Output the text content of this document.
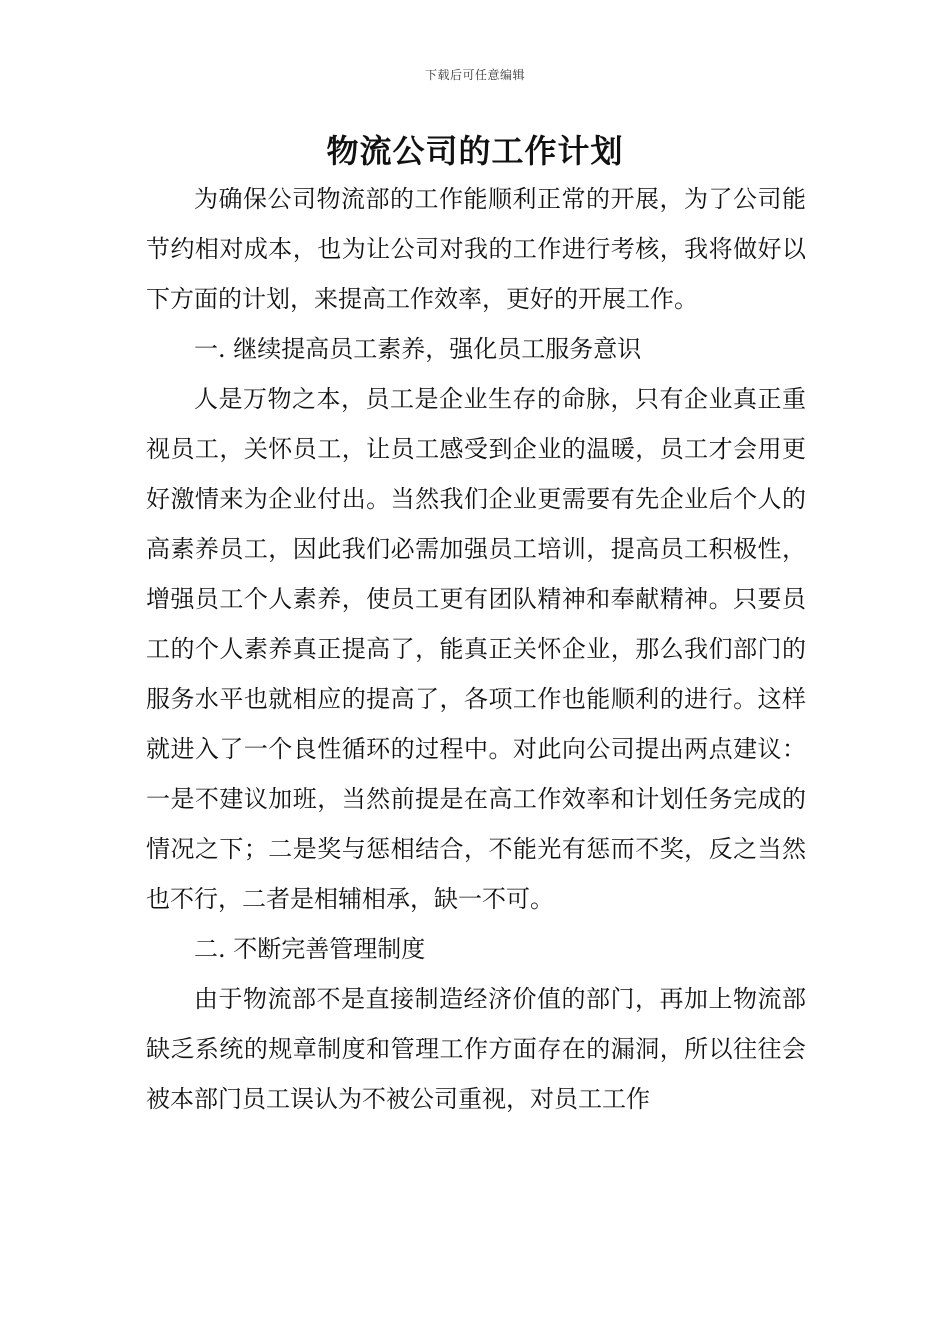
下载后可任意编辑
物流公司的工作计划

为确保公司物流部的工作能顺利正常的开展，为了公司能节约相对成本，也为让公司对我的工作进行考核，我将做好以下方面的计划，来提高工作效率，更好的开展工作。

一. 继续提高员工素养，强化员工服务意识

人是万物之本，员工是企业生存的命脉，只有企业真正重视员工，关怀员工，让员工感受到企业的温暖，员工才会用更好激情来为企业付出。当然我们企业更需要有先企业后个人的高素养员工，因此我们必需加强员工培训，提高员工积极性，增强员工个人素养，使员工更有团队精神和奉献精神。只要员工的个人素养真正提高了，能真正关怀企业，那么我们部门的服务水平也就相应的提高了，各项工作也能顺利的进行。这样就进入了一个良性循环的过程中。对此向公司提出两点建议：一是不建议加班，当然前提是在高工作效率和计划任务完成的情况之下；二是奖与惩相结合，不能光有惩而不奖，反之当然也不行，二者是相辅相承，缺一不可。

二. 不断完善管理制度

由于物流部不是直接制造经济价值的部门，再加上物流部缺乏系统的规章制度和管理工作方面存在的漏洞，所以往往会被本部门员工误认为不被公司重视，对员工工作
